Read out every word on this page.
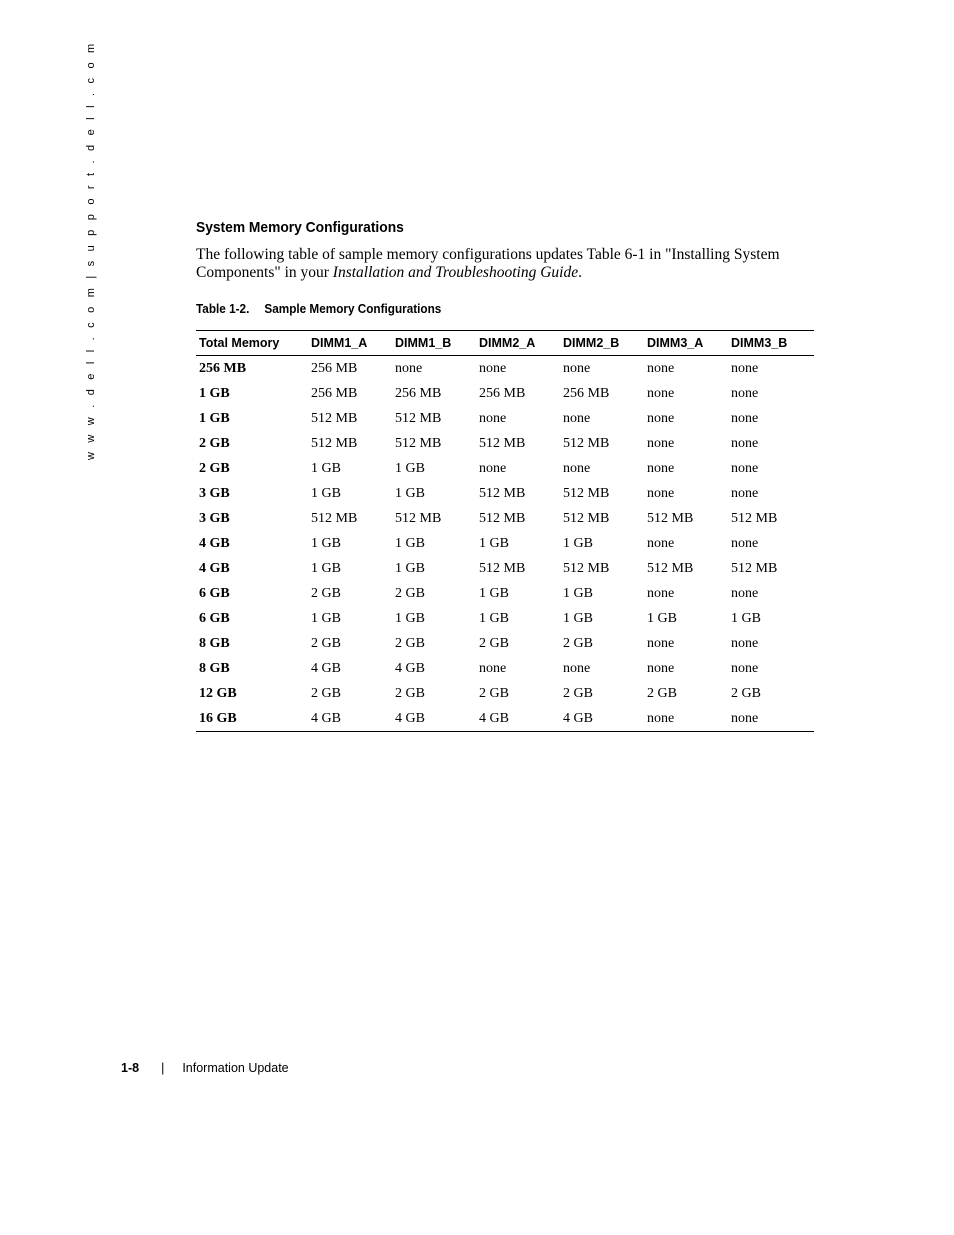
w w w . d e l l . c o m | s u p p o r t . d e l l . c o m	System Memory Configurations

The following table of sample memory configurations updates Table 6-1 in "Installing System Components" in your Installation and Troubleshooting Guide.

Table 1-2. Sample Memory Configurations
Total Memory	DIMM1_A	DIMM1_B	DIMM2_A	DIMM2_B	DIMM3_A	DIMM3_B
256 MB	256 MB	none	none	none	none	none
1 GB	256 MB	256 MB	256 MB	256 MB	none	none
1 GB	512 MB	512 MB	none	none	none	none
2 GB	512 MB	512 MB	512 MB	512 MB	none	none
2 GB	1 GB	1 GB	none	none	none	none
3 GB	1 GB	1 GB	512 MB	512 MB	none	none
3 GB	512 MB	512 MB	512 MB	512 MB	512 MB	512 MB
4 GB	1 GB	1 GB	1 GB	1 GB	none	none
4 GB	1 GB	1 GB	512 MB	512 MB	512 MB	512 MB
6 GB	2 GB	2 GB	1 GB	1 GB	none	none
6 GB	1 GB	1 GB	1 GB	1 GB	1 GB	1 GB
8 GB	2 GB	2 GB	2 GB	2 GB	none	none
8 GB	4 GB	4 GB	none	none	none	none
12 GB	2 GB	2 GB	2 GB	2 GB	2 GB	2 GB
16 GB	4 GB	4 GB	4 GB	4 GB	none	none
1-8 | Information Update
